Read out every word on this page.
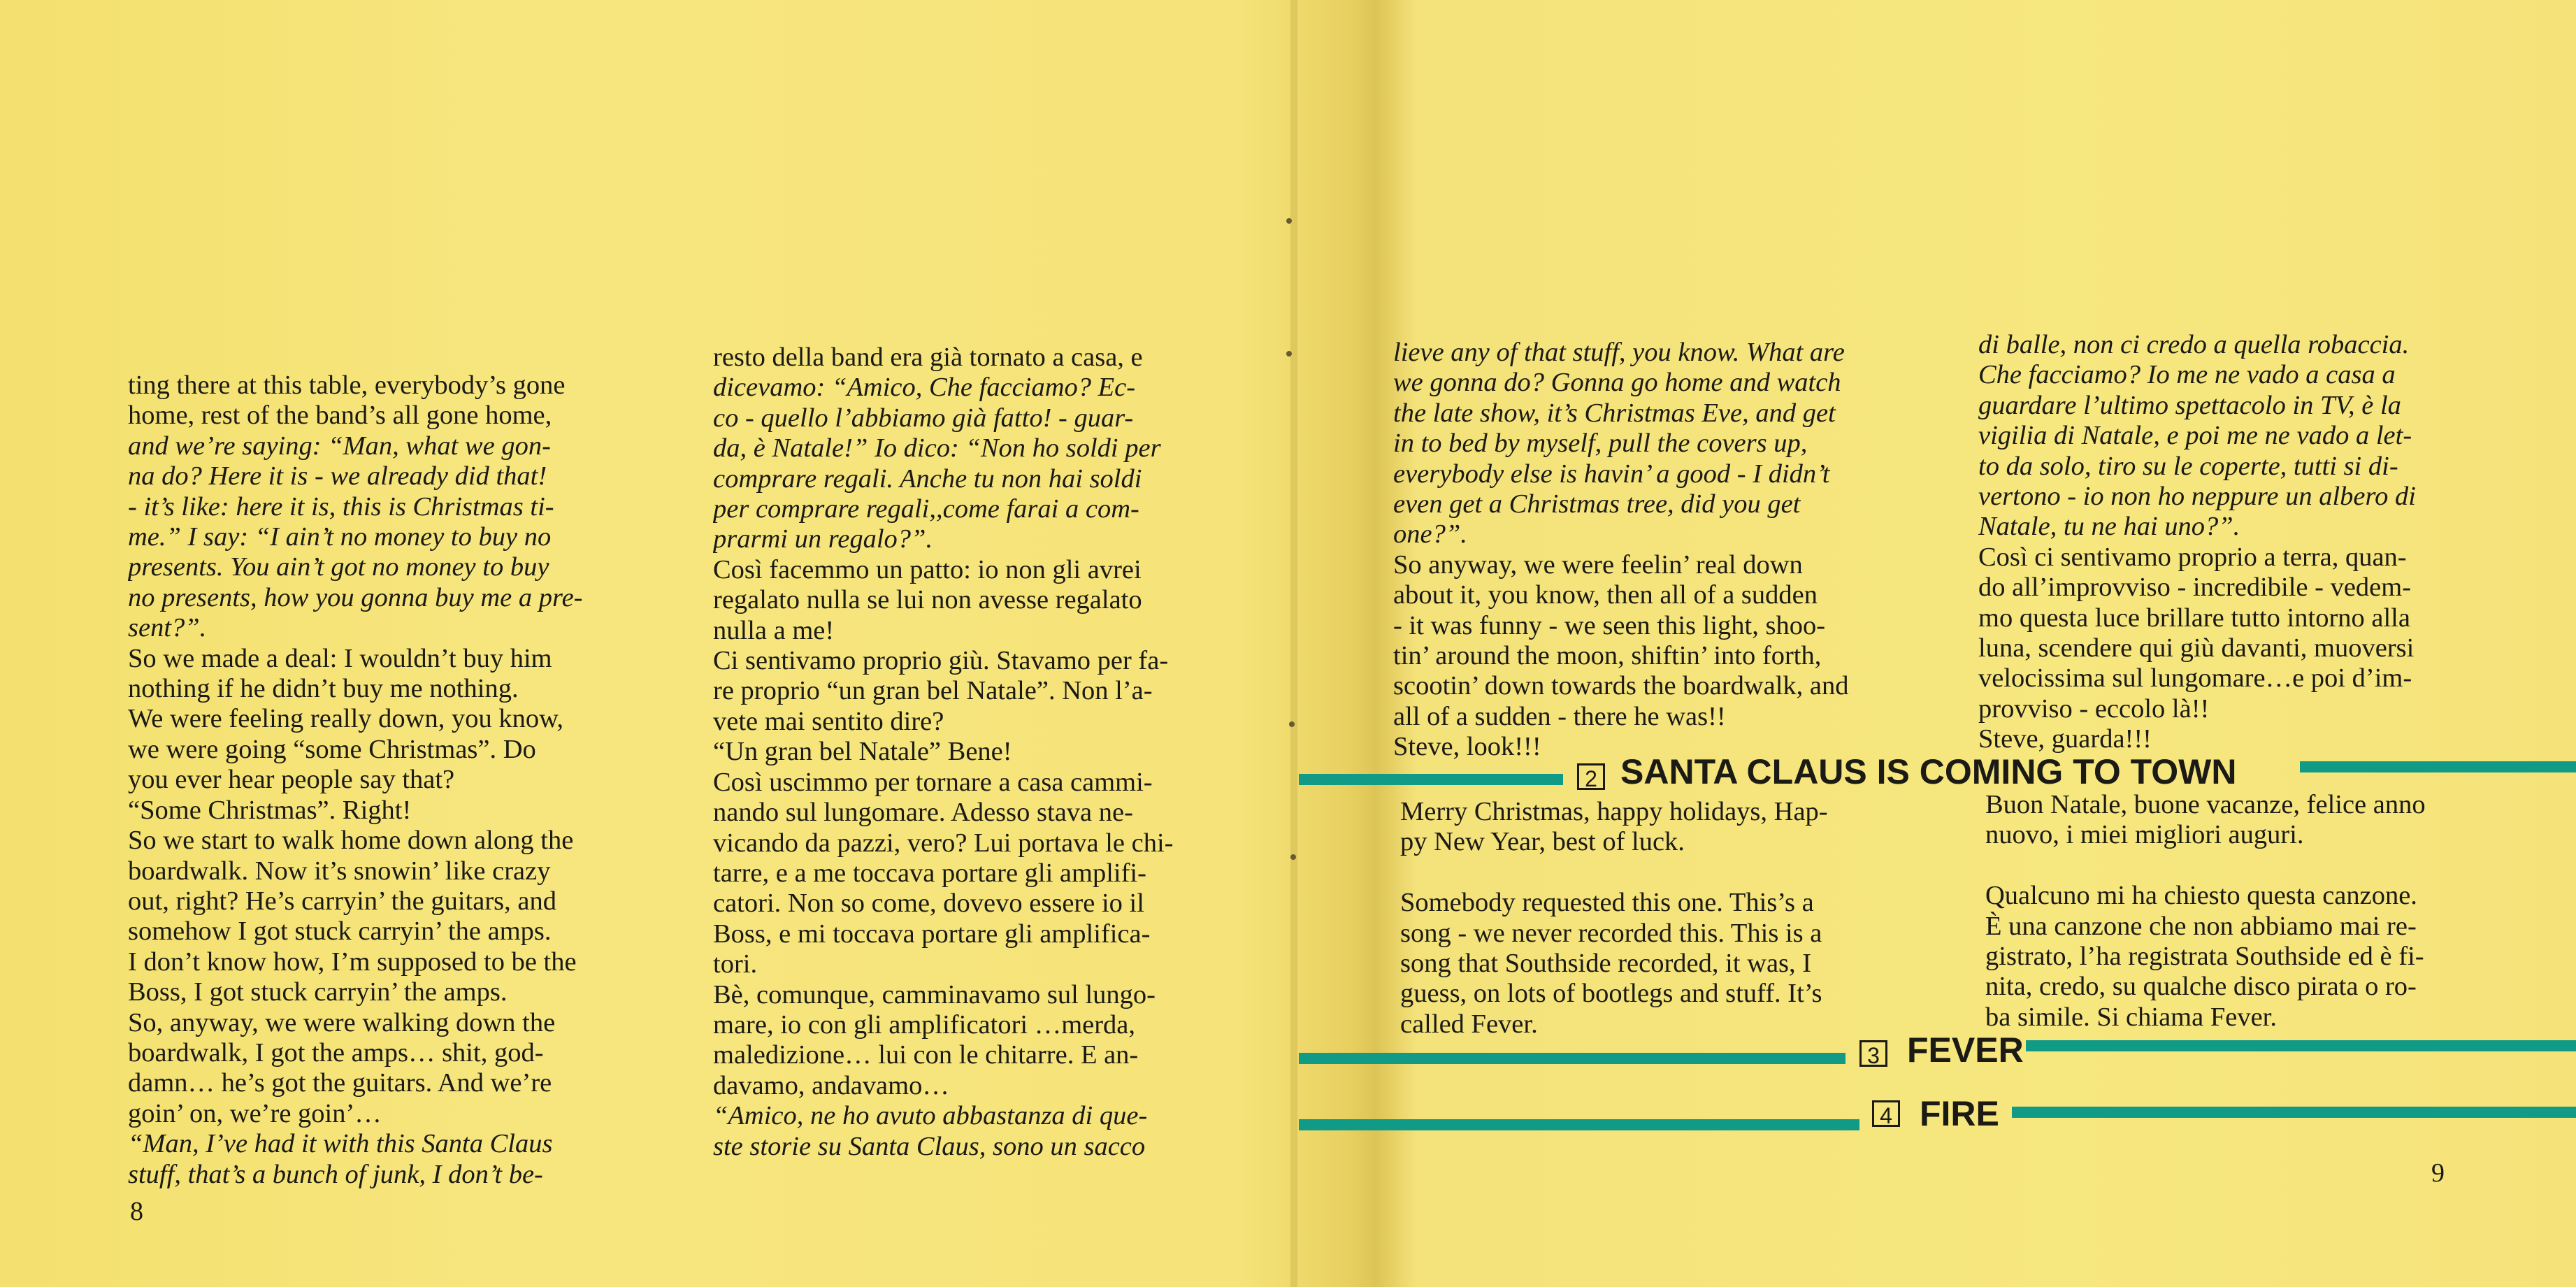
ting there at this table, everybody’s gone

home, rest of the band’s all gone home,

and we’re saying: “Man, what we gon-

na do? Here it is - we already did that!

- it’s like: here it is, this is Christmas ti-

me.” I say: “I ain’t no money to buy no

presents. You ain’t got no money to buy

no presents, how you gonna buy me a pre-

sent?”.

So we made a deal: I wouldn’t buy him

nothing if he didn’t buy me nothing.

We were feeling really down, you know,

we were going “some Christmas”. Do

you ever hear people say that?

“Some Christmas”. Right!

So we start to walk home down along the

boardwalk. Now it’s snowin’ like crazy

out, right? He’s carryin’ the guitars, and

somehow I got stuck carryin’ the amps.

I don’t know how, I’m supposed to be the

Boss, I got stuck carryin’ the amps.

So, anyway, we were walking down the

boardwalk, I got the amps… shit, god-

damn… he’s got the guitars. And we’re

goin’ on, we’re goin’…

“Man, I’ve had it with this Santa Claus

stuff, that’s a bunch of junk, I don’t be-

resto della band era già tornato a casa, e

dicevamo: “Amico, Che facciamo? Ec-

co - quello l’abbiamo già fatto! - guar-

da, è Natale!” Io dico: “Non ho soldi per

comprare regali. Anche tu non hai soldi

per comprare regali,,come farai a com-

prarmi un regalo?”.

Così facemmo un patto: io non gli avrei

regalato nulla se lui non avesse regalato

nulla a me!

Ci sentivamo proprio giù. Stavamo per fa-

re proprio “un gran bel Natale”. Non l’a-

vete mai sentito dire?

“Un gran bel Natale” Bene!

Così uscimmo per tornare a casa cammi-

nando sul lungomare. Adesso stava ne-

vicando da pazzi, vero? Lui portava le chi-

tarre, e a me toccava portare gli amplifi-

catori. Non so come, dovevo essere io il

Boss, e mi toccava portare gli amplifica-

tori.

Bè, comunque, camminavamo sul lungo-

mare, io con gli amplificatori …merda,

maledizione… lui con le chitarre. E an-

davamo, andavamo…

“Amico, ne ho avuto abbastanza di que-

ste storie su Santa Claus, sono un sacco

8

lieve any of that stuff, you know. What are

we gonna do? Gonna go home and watch

the late show, it’s Christmas Eve, and get

in to bed by myself, pull the covers up,

everybody else is havin’ a good - I didn’t

even get a Christmas tree, did you get

one?”.

So anyway, we were feelin’ real down

about it, you know, then all of a sudden

- it was funny - we seen this light, shoo-

tin’ around the moon, shiftin’ into forth,

scootin’ down towards the boardwalk, and

all of a sudden - there he was!!

Steve, look!!!

di balle, non ci credo a quella robaccia.

Che facciamo? Io me ne vado a casa a

guardare l’ultimo spettacolo in TV, è la

vigilia di Natale, e poi me ne vado a let-

to da solo, tiro su le coperte, tutti si di-

vertono - io non ho neppure un albero di

Natale, tu ne hai uno?”.

Così ci sentivamo proprio a terra, quan-

do all’improvviso - incredibile - vedem-

mo questa luce brillare tutto intorno alla

luna, scendere qui giù davanti, muoversi

velocissima sul lungomare…e poi d’im-

provviso - eccolo là!!

Steve, guarda!!!

2 SANTA CLAUS IS COMING TO TOWN

Merry Christmas, happy holidays, Hap-

py New Year, best of luck.

Somebody requested this one. This’s a

song - we never recorded this. This is a

song that Southside recorded, it was, I

guess, on lots of bootlegs and stuff. It’s

called Fever.

Buon Natale, buone vacanze, felice anno

nuovo, i miei migliori auguri.

Qualcuno mi ha chiesto questa canzone.

È una canzone che non abbiamo mai re-

gistrato, l’ha registrata Southside ed è fi-

nita, credo, su qualche disco pirata o ro-

ba simile. Si chiama Fever.

3 FEVER
4 FIRE
9
